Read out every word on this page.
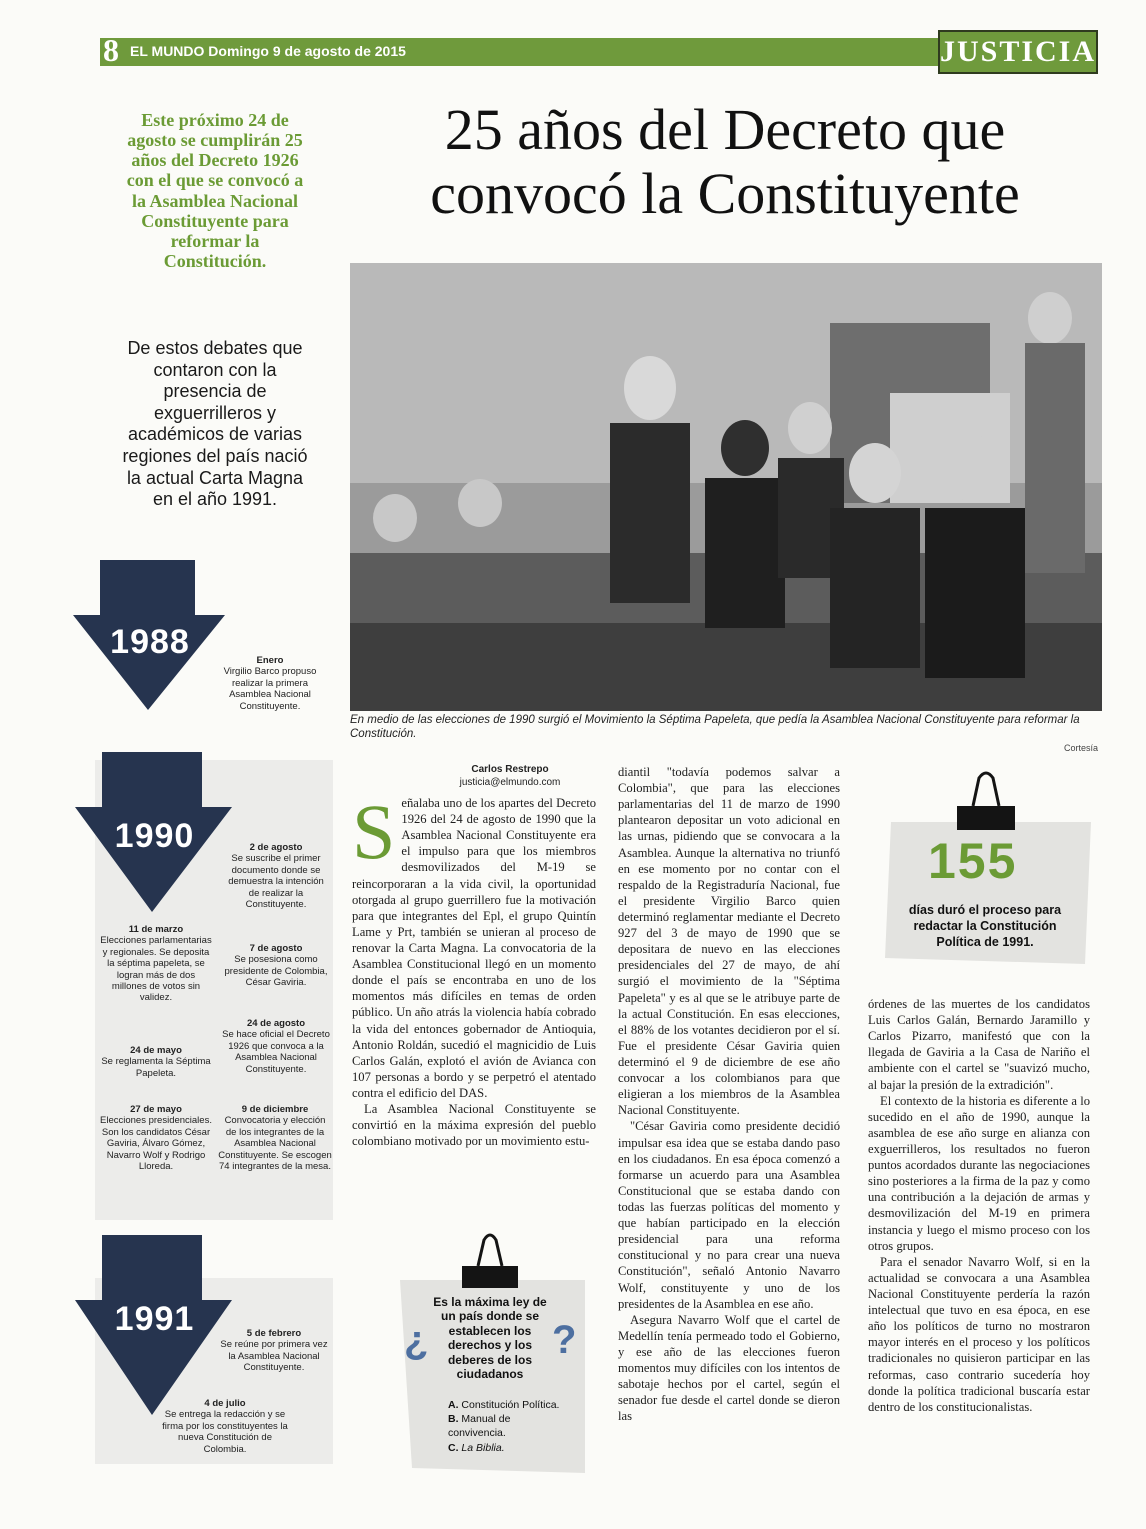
8 EL MUNDO Domingo 9 de agosto de 2015	JUSTICIA
Este próximo 24 de agosto se cumplirán 25 años del Decreto 1926 con el que se convocó a la Asamblea Nacional Constituyente para reformar la Constitución.
De estos debates que contaron con la presencia de exguerrilleros y académicos de varias regiones del país nació la actual Carta Magna en el año 1991.
25 años del Decreto que convocó la Constituyente
En medio de las elecciones de 1990 surgió el Movimiento la Séptima Papeleta, que pedía la Asamblea Nacional Constituyente para reformar la Constitución.
Cortesía
1988	Enero
Virgilio Barco propuso realizar la primera Asamblea Nacional Constituyente.
1990	2 de agosto
Se suscribe el primer documento donde se demuestra la intención de realizar la Constituyente.
7 de agosto
Se posesiona como presidente de Colombia, César Gaviria.
24 de agosto
Se hace oficial el Decreto 1926 que convoca a la Asamblea Nacional Constituyente.
9 de diciembre
Convocatoria y elección de los integrantes de la Asamblea Nacional Constituyente. Se escogen 74 integrantes de la mesa.
11 de marzo
Elecciones parlamentarias y regionales. Se deposita la séptima papeleta, se logran más de dos millones de votos sin validez.
24 de mayo
Se reglamenta la Séptima Papeleta.
27 de mayo
Elecciones presidenciales. Son los candidatos César Gaviria, Álvaro Gómez, Navarro Wolf y Rodrigo Lloreda.
1991	5 de febrero
Se reúne por primera vez la Asamblea Nacional Constituyente.
4 de julio
Se entrega la redacción y se firma por los constituyentes la nueva Constitución de Colombia.
Carlos Restrepo
justicia@elmundo.com

Señalaba uno de los apartes del Decreto 1926 del 24 de agosto de 1990 que la Asamblea Nacional Constituyente era el impulso para que los miembros desmovilizados del M-19 se reincorporaran a la vida civil, la oportunidad otorgada al grupo guerrillero fue la motivación para que integrantes del Epl, el grupo Quintín Lame y Prt, también se unieran al proceso de renovar la Carta Magna. La convocatoria de la Asamblea Constitucional llegó en un momento donde el país se encontraba en uno de los momentos más difíciles en temas de orden público. Un año atrás la violencia había cobrado la vida del entonces gobernador de Antioquia, Antonio Roldán, sucedió el magnicidio de Luis Carlos Galán, explotó el avión de Avianca con 107 personas a bordo y se perpetró el atentado contra el edificio del DAS.

La Asamblea Nacional Constituyente se convirtió en la máxima expresión del pueblo colombiano motivado por un movimiento estu-

¿	?
Es la máxima ley de un país donde se establecen los derechos y los deberes de los ciudadanos
A. Constitución Política.
B. Manual de convivencia.
C. La Biblia.

diantil "todavía podemos salvar a Colombia", que para las elecciones parlamentarias del 11 de marzo de 1990 plantearon depositar un voto adicional en las urnas, pidiendo que se convocara a la Asamblea. Aunque la alternativa no triunfó en ese momento por no contar con el respaldo de la Registraduría Nacional, fue el presidente Virgilio Barco quien determinó reglamentar mediante el Decreto 927 del 3 de mayo de 1990 que se depositara de nuevo en las elecciones presidenciales del 27 de mayo, de ahí surgió el movimiento de la "Séptima Papeleta" y es al que se le atribuye parte de la actual Constitución. En esas elecciones, el 88% de los votantes decidieron por el sí. Fue el presidente César Gaviria quien determinó el 9 de diciembre de ese año convocar a los colombianos para que eligieran a los miembros de la Asamblea Nacional Constituyente.

"César Gaviria como presidente decidió impulsar esa idea que se estaba dando paso en los ciudadanos. En esa época comenzó a formarse un acuerdo para una Asamblea Constitucional que se estaba dando con todas las fuerzas políticas del momento y que habían participado en la elección presidencial para una reforma constitucional y no para crear una nueva Constitución", señaló Antonio Navarro Wolf, constituyente y uno de los presidentes de la Asamblea en ese año.

Asegura Navarro Wolf que el cartel de Medellín tenía permeado todo el Gobierno, y ese año de las elecciones fueron momentos muy difíciles con los intentos de sabotaje hechos por el cartel, según el senador fue desde el cartel donde se dieron las

155
días duró el proceso para redactar la Constitución Política de 1991.

órdenes de las muertes de los candidatos Luis Carlos Galán, Bernardo Jaramillo y Carlos Pizarro, manifestó que con la llegada de Gaviria a la Casa de Nariño el ambiente con el cartel se "suavizó mucho, al bajar la presión de la extradición".

El contexto de la historia es diferente a lo sucedido en el año de 1990, aunque la asamblea de ese año surge en alianza con exguerrilleros, los resultados no fueron puntos acordados durante las negociaciones sino posteriores a la firma de la paz y como una contribución a la dejación de armas y desmovilización del M-19 en primera instancia y luego el mismo proceso con los otros grupos.

Para el senador Navarro Wolf, si en la actualidad se convocara a una Asamblea Nacional Constituyente perdería la razón intelectual que tuvo en esa época, en ese año los políticos de turno no mostraron mayor interés en el proceso y los políticos tradicionales no quisieron participar en las reformas, caso contrario sucedería hoy donde la política tradicional buscaría estar dentro de los constitucionalistas.
